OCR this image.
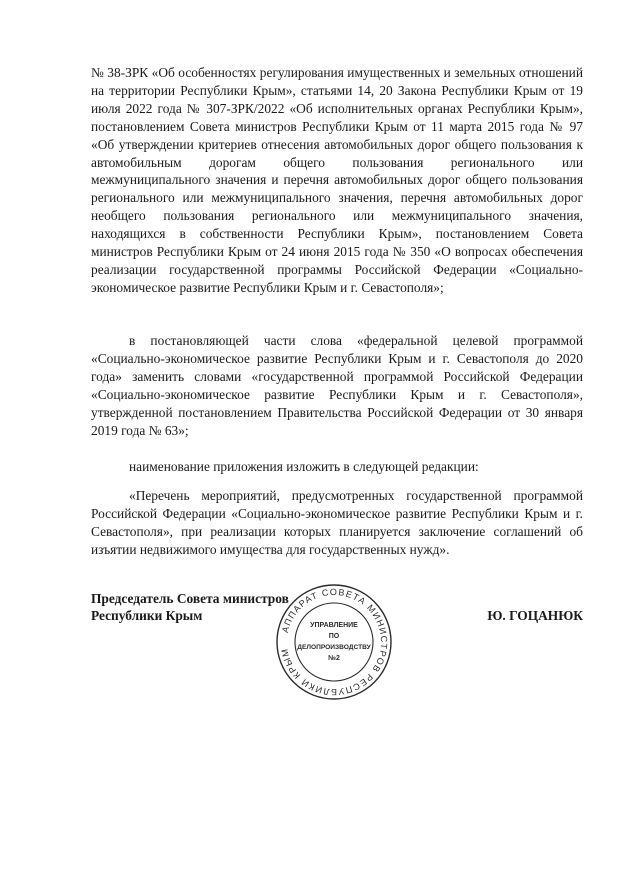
№ 38-ЗРК «Об особенностях регулирования имущественных и земельных отношений на территории Республики Крым», статьями 14, 20 Закона Республики Крым от 19 июля 2022 года № 307-ЗРК/2022 «Об исполнительных органах Республики Крым», постановлением Совета министров Республики Крым от 11 марта 2015 года № 97 «Об утверждении критериев отнесения автомобильных дорог общего пользования к автомобильным дорогам общего пользования регионального или межмуниципального значения и перечня автомобильных дорог общего пользования регионального или межмуниципального значения, перечня автомобильных дорог необщего пользования регионального или межмуниципального значения, находящихся в собственности Республики Крым», постановлением Совета министров Республики Крым от 24 июня 2015 года № 350 «О вопросах обеспечения реализации государственной программы Российской Федерации «Социально-экономическое развитие Республики Крым и г. Севастополя»;

в постановляющей части слова «федеральной целевой программой «Социально-экономическое развитие Республики Крым и г. Севастополя до 2020 года» заменить словами «государственной программой Российской Федерации «Социально-экономическое развитие Республики Крым и г. Севастополя», утвержденной постановлением Правительства Российской Федерации от 30 января 2019 года № 63»;

наименование приложения изложить в следующей редакции:

«Перечень мероприятий, предусмотренных государственной программой Российской Федерации «Социально-экономическое развитие Республики Крым и г. Севастополя», при реализации которых планируется заключение соглашений об изъятии недвижимого имущества для государственных нужд».

Председатель Совета министров
Республики Крым	Ю. ГОЦАНЮК
АППАРАТ СОВЕТА МИНИСТРОВ РЕСПУБЛИКИ КРЫМ
УПРАВЛЕНИЕ
ПО
ДЕЛОПРОИЗВОДСТВУ
№2
